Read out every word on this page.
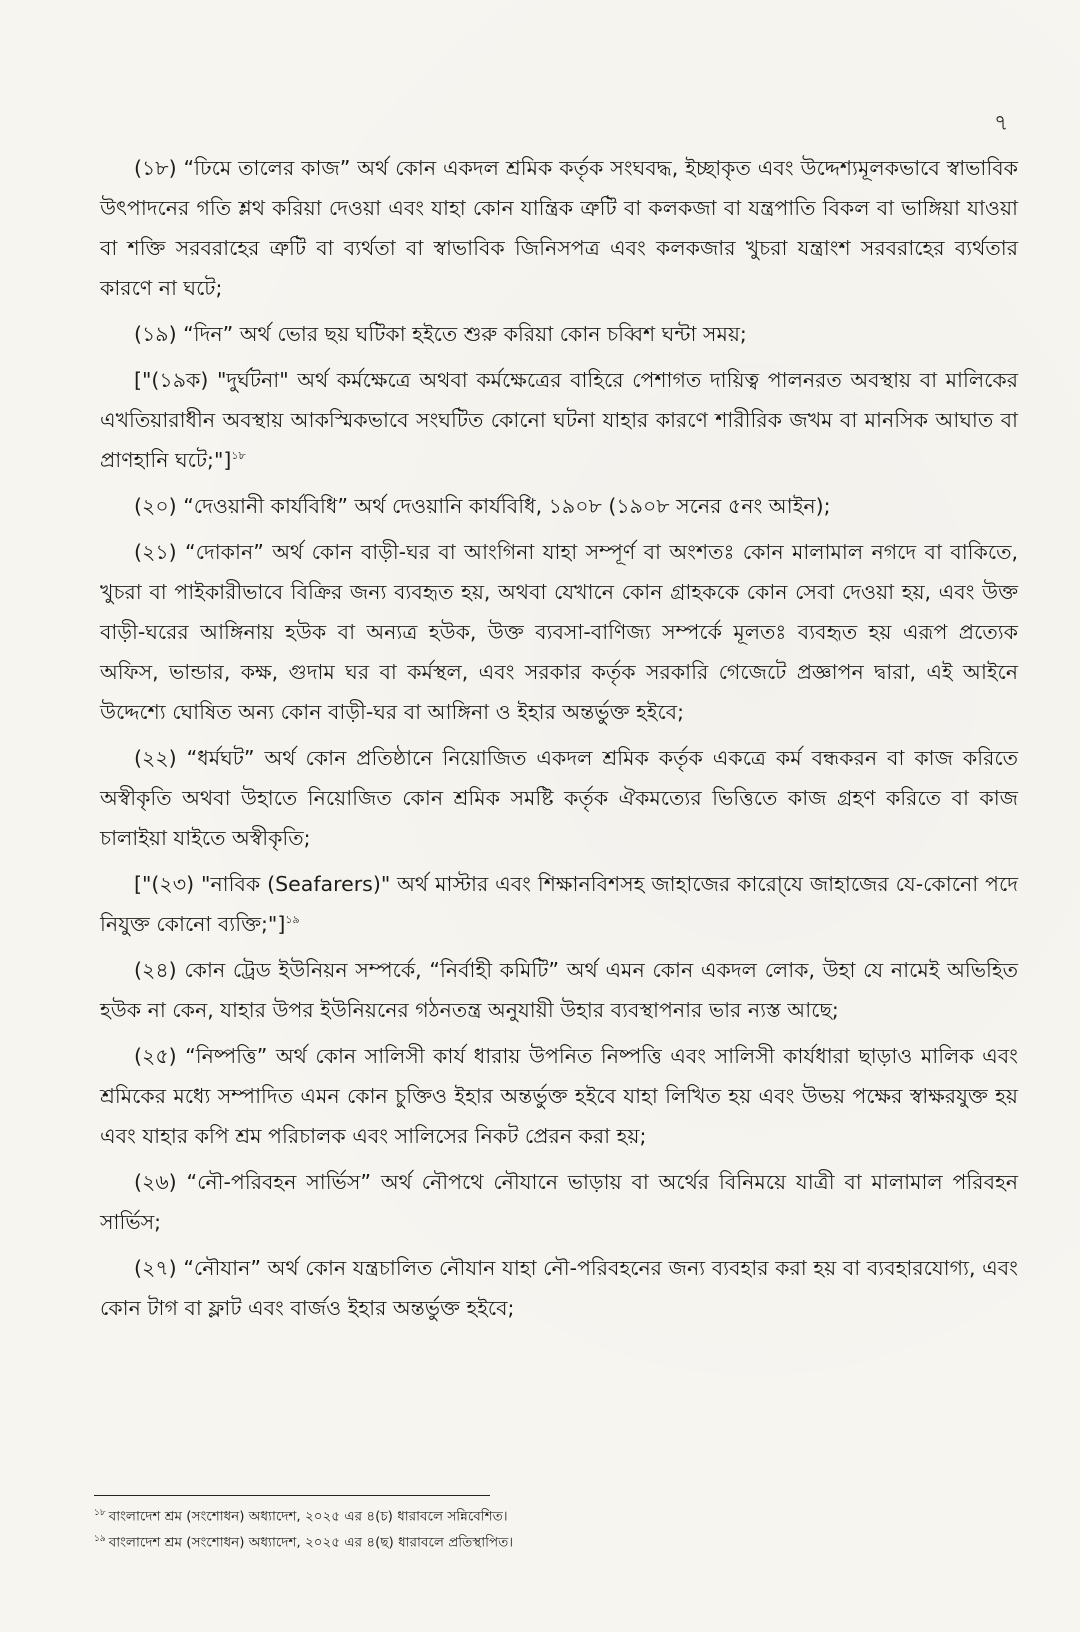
৭

(১৮) “ঢিমে তালের কাজ” অর্থ কোন একদল শ্রমিক কর্তৃক সংঘবদ্ধ, ইচ্ছাকৃত এবং উদ্দেশ্যমূলকভাবে স্বাভাবিক উৎপাদনের গতি শ্লথ করিয়া দেওয়া এবং যাহা কোন যান্ত্রিক ত্রুটি বা কলকজা বা যন্ত্রপাতি বিকল বা ভাঙ্গিয়া যাওয়া বা শক্তি সরবরাহের ত্রুটি বা ব্যর্থতা বা স্বাভাবিক জিনিসপত্র এবং কলকজার খুচরা যন্ত্রাংশ সরবরাহের ব্যর্থতার কারণে না ঘটে;

(১৯) “দিন” অর্থ ভোর ছয় ঘটিকা হইতে শুরু করিয়া কোন চব্বিশ ঘন্টা সময়;

["(১৯ক) "দুর্ঘটনা" অর্থ কর্মক্ষেত্রে অথবা কর্মক্ষেত্রের বাহিরে পেশাগত দায়িত্ব পালনরত অবস্থায় বা মালিকের এখতিয়ারাধীন অবস্থায় আকস্মিকভাবে সংঘটিত কোনো ঘটনা যাহার কারণে শারীরিক জখম বা মানসিক আঘাত বা প্রাণহানি ঘটে;"]$^{১৮}$

(২০) “দেওয়ানী কার্যবিধি” অর্থ দেওয়ানি কার্যবিধি, ১৯০৮ (১৯০৮ সনের ৫নং আইন);

(২১) “দোকান” অর্থ কোন বাড়ী-ঘর বা আংগিনা যাহা সম্পূর্ণ বা অংশতঃ কোন মালামাল নগদে বা বাকিতে, খুচরা বা পাইকারীভাবে বিক্রির জন্য ব্যবহৃত হয়, অথবা যেখানে কোন গ্রাহককে কোন সেবা দেওয়া হয়, এবং উক্ত বাড়ী-ঘরের আঙ্গিনায় হউক বা অন্যত্র হউক, উক্ত ব্যবসা-বাণিজ্য সম্পর্কে মূলতঃ ব্যবহৃত হয় এরূপ প্রত্যেক অফিস, ভান্ডার, কক্ষ, গুদাম ঘর বা কর্মস্থল, এবং সরকার কর্তৃক সরকারি গেজেটে প্রজ্ঞাপন দ্বারা, এই আইনে উদ্দেশ্যে ঘোষিত অন্য কোন বাড়ী-ঘর বা আঙ্গিনা ও ইহার অন্তর্ভুক্ত হইবে;

(২২) “ধর্মঘট” অর্থ কোন প্রতিষ্ঠানে নিয়োজিত একদল শ্রমিক কর্তৃক একত্রে কর্ম বন্ধকরন বা কাজ করিতে অস্বীকৃতি অথবা উহাতে নিয়োজিত কোন শ্রমিক সমষ্টি কর্তৃক ঐকমত্যের ভিত্তিতে কাজ গ্রহণ করিতে বা কাজ চালাইয়া যাইতে অস্বীকৃতি;

["(২৩) "নাবিক (Seafarers)" অর্থ মাস্টার এবং শিক্ষানবিশসহ জাহাজের কারো্যে জাহাজের যে-কোনো পদে নিযুক্ত কোনো ব্যক্তি;"]$^{১৯}$

(২৪) কোন ট্রেড ইউনিয়ন সম্পর্কে, “নির্বাহী কমিটি” অর্থ এমন কোন একদল লোক, উহা যে নামেই অভিহিত হউক না কেন, যাহার উপর ইউনিয়নের গঠনতন্ত্র অনুযায়ী উহার ব্যবস্থাপনার ভার ন্যস্ত আছে;

(২৫) “নিষ্পত্তি” অর্থ কোন সালিসী কার্য ধারায় উপনিত নিষ্পত্তি এবং সালিসী কার্যধারা ছাড়াও মালিক এবং শ্রমিকের মধ্যে সম্পাদিত এমন কোন চুক্তিও ইহার অন্তর্ভুক্ত হইবে যাহা লিখিত হয় এবং উভয় পক্ষের স্বাক্ষরযুক্ত হয় এবং যাহার কপি শ্রম পরিচালক এবং সালিসের নিকট প্রেরন করা হয়;

(২৬) “নৌ-পরিবহন সার্ভিস” অর্থ নৌপথে নৌযানে ভাড়ায় বা অর্থের বিনিময়ে যাত্রী বা মালামাল পরিবহন সার্ভিস;

(২৭) “নৌযান” অর্থ কোন যন্ত্রচালিত নৌযান যাহা নৌ-পরিবহনের জন্য ব্যবহার করা হয় বা ব্যবহারযোগ্য, এবং কোন টাগ বা ফ্লাট এবং বার্জও ইহার অন্তর্ভুক্ত হইবে;

$^{১৮}$ বাংলাদেশ শ্রম (সংশোধন) অধ্যাদেশ, ২০২৫ এর ৪(চ) ধারাবলে সন্নিবেশিত।

$^{১৯}$ বাংলাদেশ শ্রম (সংশোধন) অধ্যাদেশ, ২০২৫ এর ৪(ছ) ধারাবলে প্রতিস্থাপিত।
